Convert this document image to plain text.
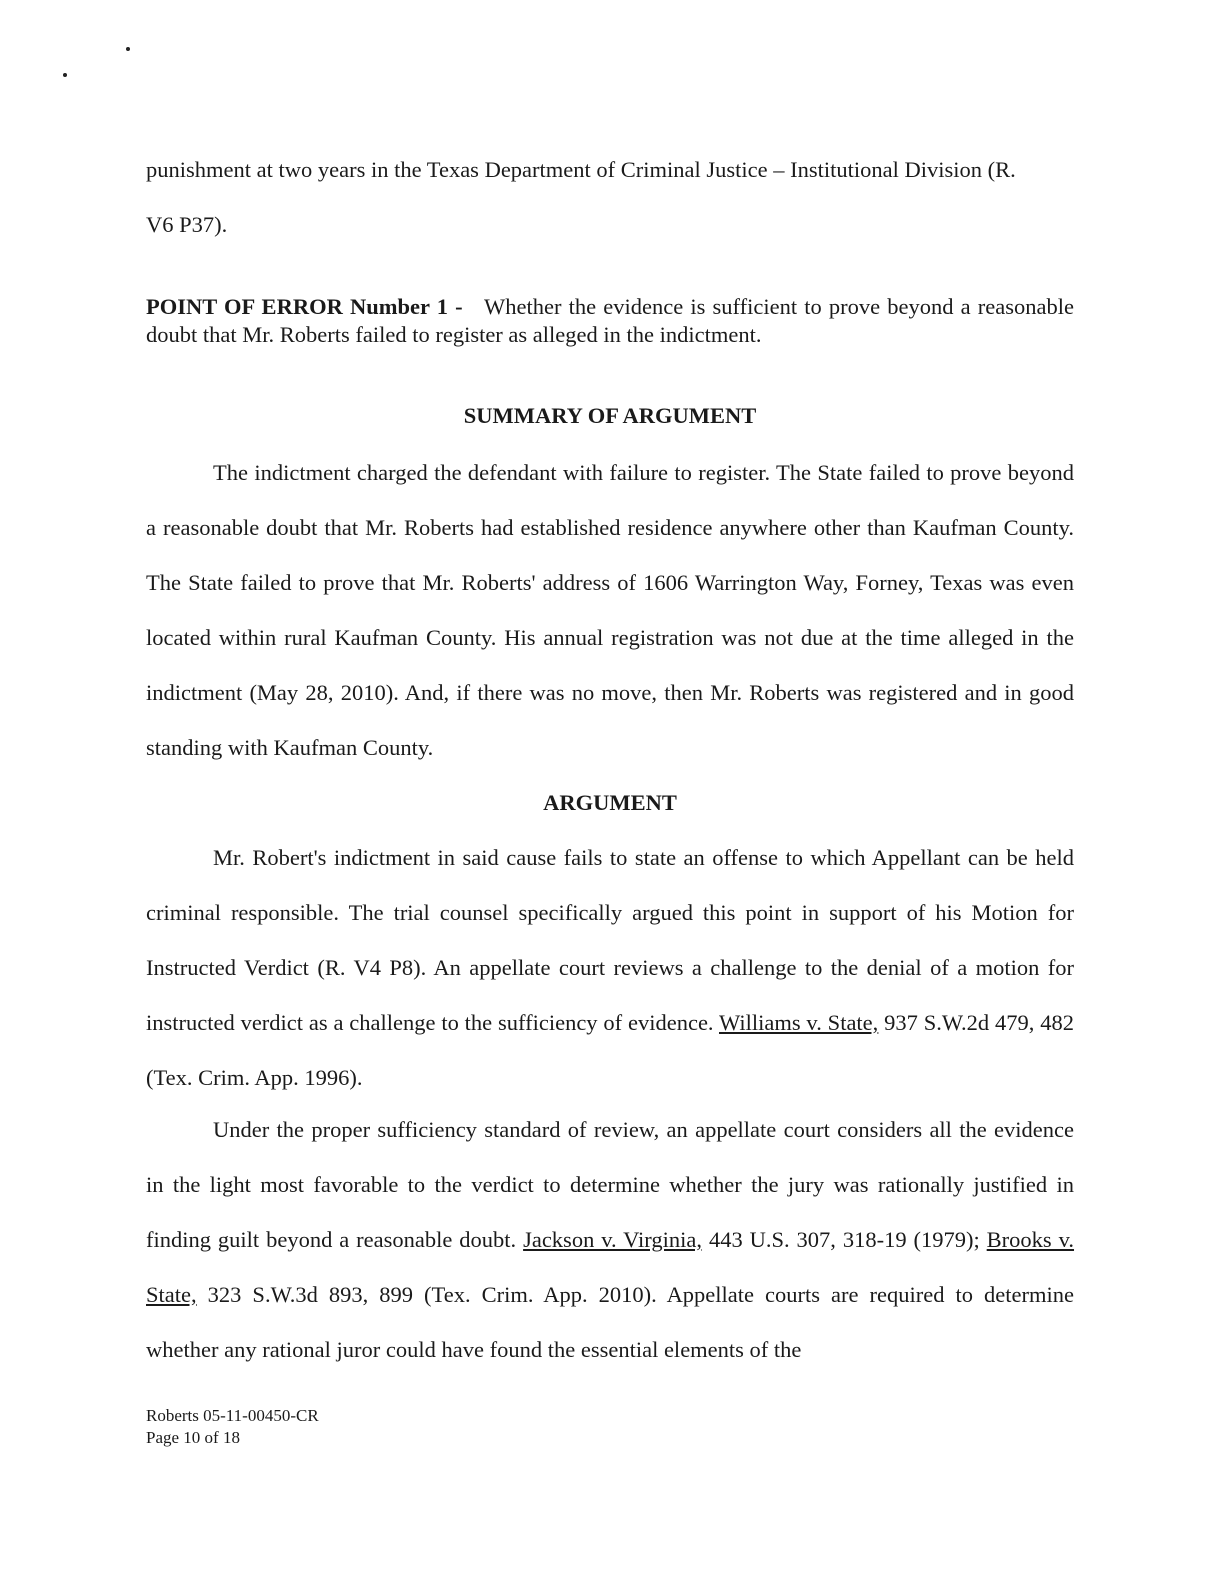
punishment at two years in the Texas Department of Criminal Justice – Institutional Division (R.
V6 P37).

POINT OF ERROR Number 1 - Whether the evidence is sufficient to prove beyond a reasonable doubt that Mr. Roberts failed to register as alleged in the indictment.

SUMMARY OF ARGUMENT

The indictment charged the defendant with failure to register. The State failed to prove beyond a reasonable doubt that Mr. Roberts had established residence anywhere other than Kaufman County. The State failed to prove that Mr. Roberts' address of 1606 Warrington Way, Forney, Texas was even located within rural Kaufman County. His annual registration was not due at the time alleged in the indictment (May 28, 2010). And, if there was no move, then Mr. Roberts was registered and in good standing with Kaufman County.

ARGUMENT

Mr. Robert's indictment in said cause fails to state an offense to which Appellant can be held criminal responsible. The trial counsel specifically argued this point in support of his Motion for Instructed Verdict (R. V4 P8). An appellate court reviews a challenge to the denial of a motion for instructed verdict as a challenge to the sufficiency of evidence. Williams v. State, 937 S.W.2d 479, 482 (Tex. Crim. App. 1996).

Under the proper sufficiency standard of review, an appellate court considers all the evidence in the light most favorable to the verdict to determine whether the jury was rationally justified in finding guilt beyond a reasonable doubt. Jackson v. Virginia, 443 U.S. 307, 318-19 (1979); Brooks v. State, 323 S.W.3d 893, 899 (Tex. Crim. App. 2010). Appellate courts are required to determine whether any rational juror could have found the essential elements of the

Roberts 05-11-00450-CR
Page 10 of 18
